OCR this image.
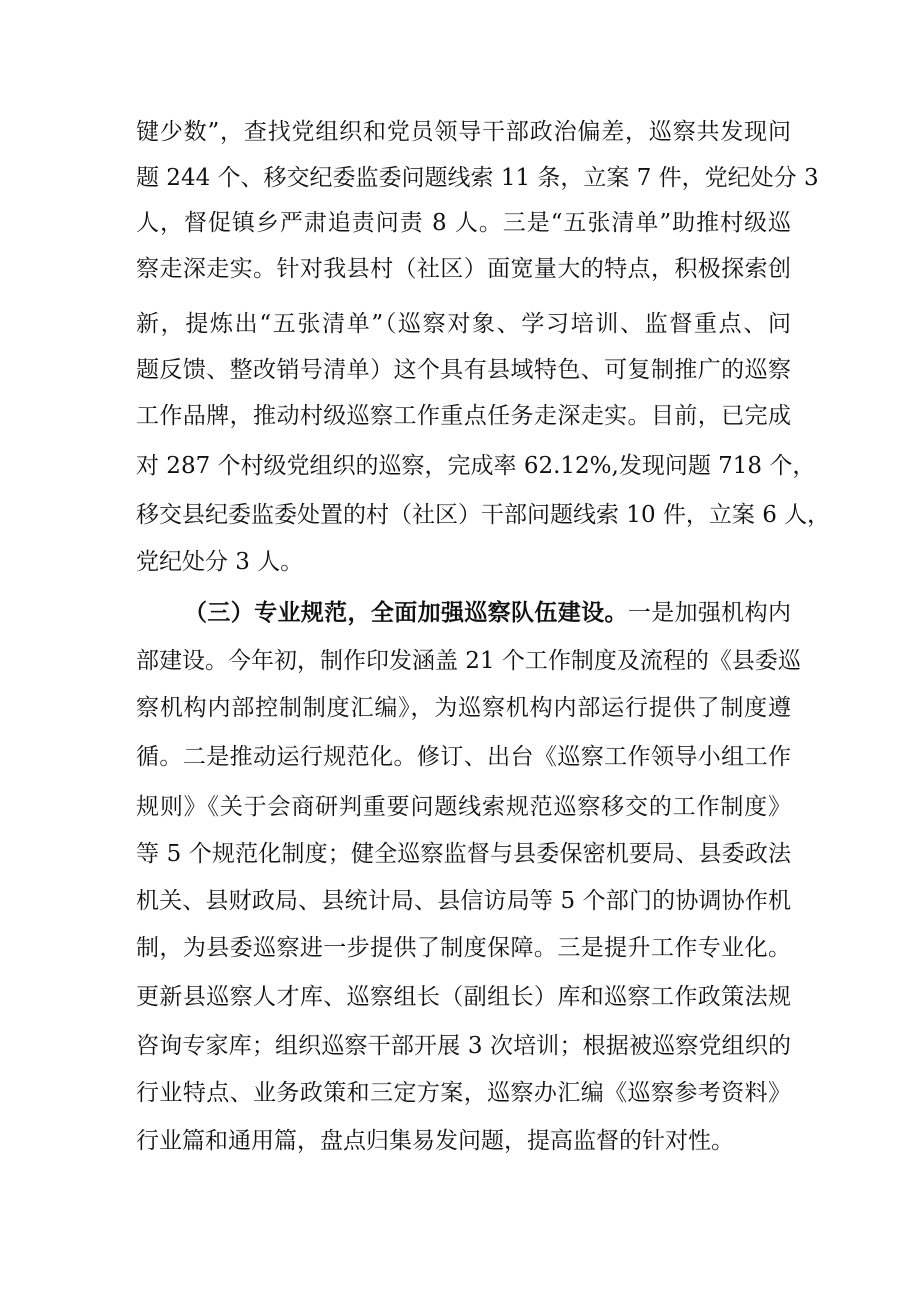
键少数”，查找党组织和党员领导干部政治偏差，巡察共发现问
题 244 个、移交纪委监委问题线索 11 条，立案 7 件，党纪处分 3
人，督促镇乡严肃追责问责 8 人。三是“五张清单”助推村级巡
察走深走实。针对我县村（社区）面宽量大的特点，积极探索创
新，提炼出“五张清单”（巡察对象、学习培训、监督重点、问
题反馈、整改销号清单）这个具有县域特色、可复制推广的巡察
工作品牌，推动村级巡察工作重点任务走深走实。目前，已完成
对 287 个村级党组织的巡察，完成率 62.12%,发现问题 718 个，
移交县纪委监委处置的村（社区）干部问题线索 10 件，立案 6 人，
党纪处分 3 人。
（三）专业规范，全面加强巡察队伍建设。一是加强机构内
部建设。今年初，制作印发涵盖 21 个工作制度及流程的《县委巡
察机构内部控制制度汇编》，为巡察机构内部运行提供了制度遵
循。二是推动运行规范化。修订、出台《巡察工作领导小组工作
规则》《关于会商研判重要问题线索规范巡察移交的工作制度》
等 5 个规范化制度；健全巡察监督与县委保密机要局、县委政法
机关、县财政局、县统计局、县信访局等 5 个部门的协调协作机
制，为县委巡察进一步提供了制度保障。三是提升工作专业化。
更新县巡察人才库、巡察组长（副组长）库和巡察工作政策法规
咨询专家库；组织巡察干部开展 3 次培训；根据被巡察党组织的
行业特点、业务政策和三定方案，巡察办汇编《巡察参考资料》
行业篇和通用篇，盘点归集易发问题，提高监督的针对性。
